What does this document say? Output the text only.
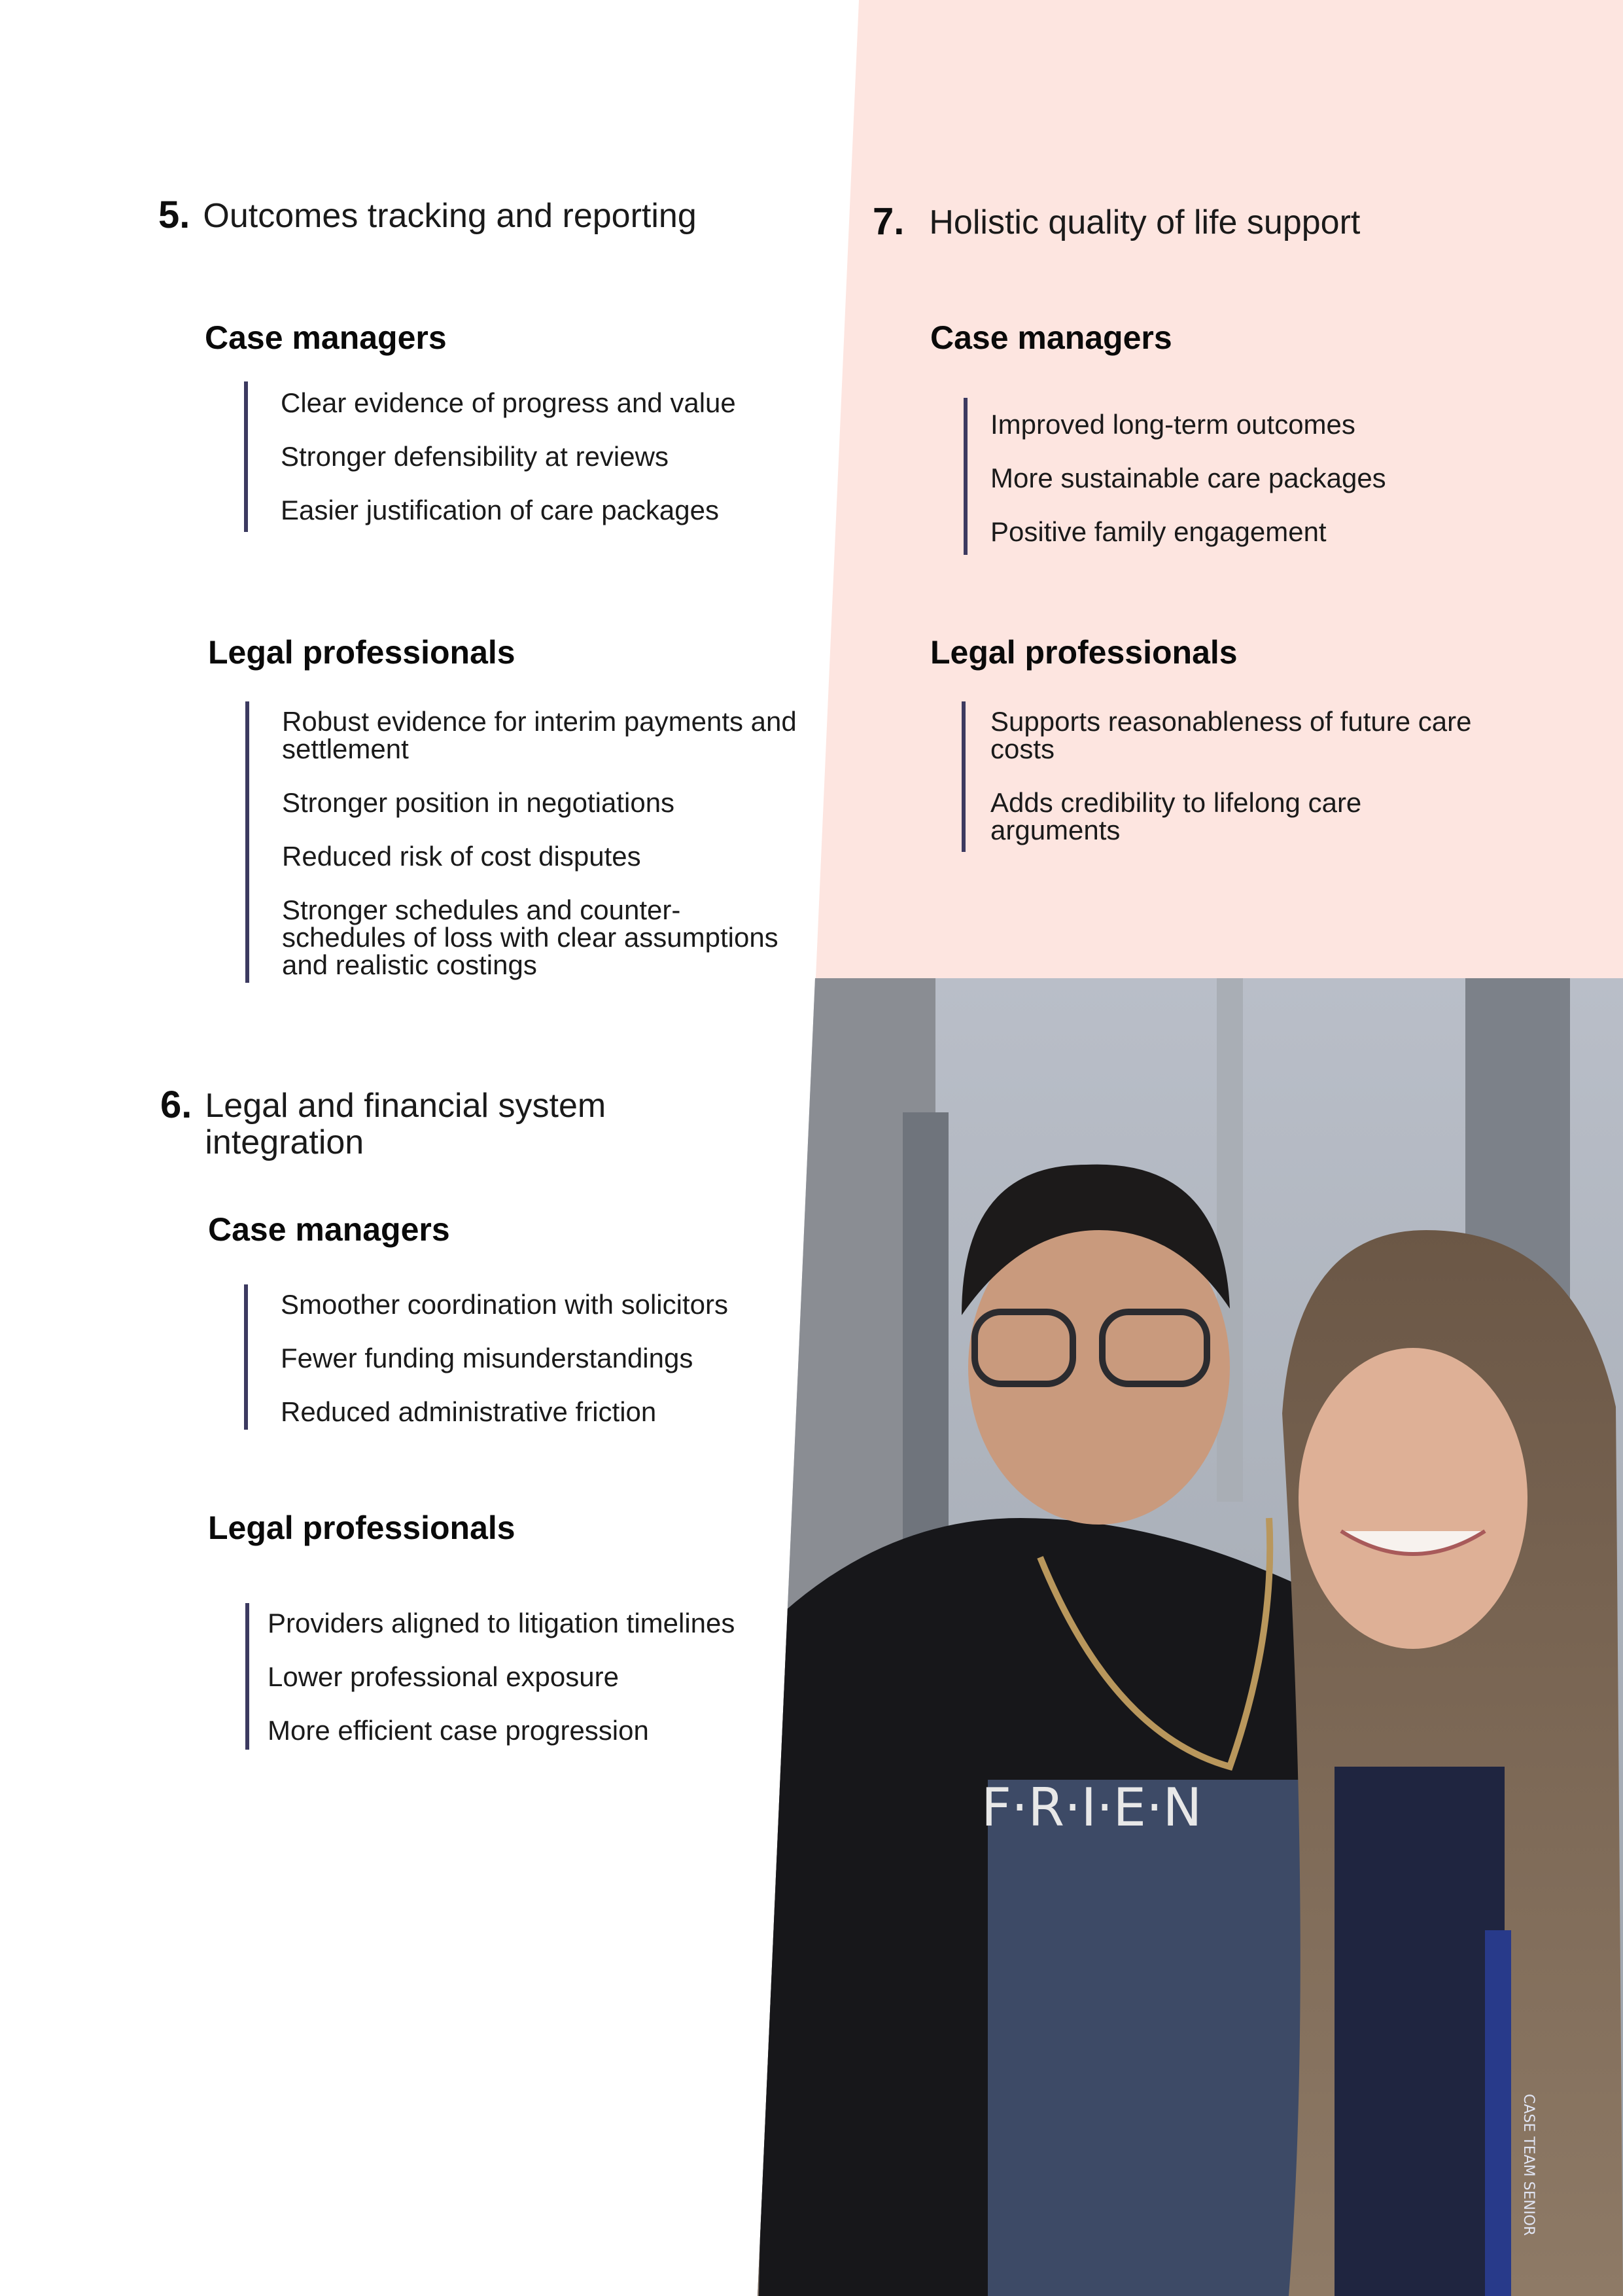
F·R·I·E·N
CASE TEAM SENIOR
5. Outcomes tracking and reporting
Case managers
Clear evidence of progress and value
Stronger defensibility at reviews
Easier justification of care packages
Legal professionals
Robust evidence for interim payments and settlement
Stronger position in negotiations
Reduced risk of cost disputes
Stronger schedules and counter-schedules of loss with clear assumptions and realistic costings
6. Legal and financial system integration
Case managers
Smoother coordination with solicitors
Fewer funding misunderstandings
Reduced administrative friction
Legal professionals
Providers aligned to litigation timelines
Lower professional exposure
More efficient case progression
7. Holistic quality of life support
Case managers
Improved long-term outcomes
More sustainable care packages
Positive family engagement
Legal professionals
Supports reasonableness of future care costs
Adds credibility to lifelong care arguments
